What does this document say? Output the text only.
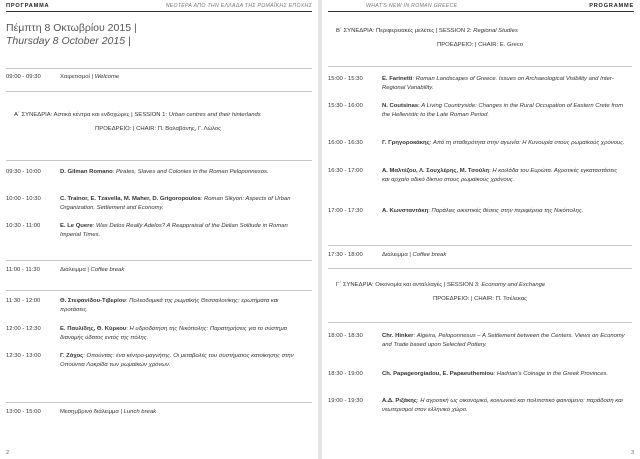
ΠΡΟΓΡΑΜΜΑ	ΝΕΟΤΕΡΑ ΑΠΟ ΤΗΝ ΕΛΛΑΔΑ ΤΗΣ ΡΩΜΑΪΚΗΣ ΕΠΟΧΗΣ
Πέμπτη 8 Οκτωβρίου 2015 |
Thursday 8 October 2015 |
09:00 - 09:30	Χαιρετισμοί | Welcome
Α΄ ΣΥΝΕΔΡΙΑ: Αστικά κέντρα και ενδοχώρες | SESSION 1: Urban centres and their hinterlands
ΠΡΟΕΔΡΕΙΟ: | CHAIR: Π. Βαλαβάνης, Γ. Λώλος
09:30 - 10:00	D. Gilman Romano: Pirates, Slaves and Colonies in the Roman Peloponnesos.
10:00 - 10:30	C. Trainor, E. Tzavella, M. Maher, D. Grigoropoulos: Roman Sikyon: Aspects of Urban Organization, Settlement and Economy.
10:30 - 11:00	E. Le Quere: Was Delos Really Adelos? A Reappraisal of the Delian Solitude in Roman Imperial Times.
11:00 - 11:30	Διάλειμμα | Coffee break
11:30 - 12:00	Θ. Στεφανίδου-Τιβερίου: Πολεοδομικά της ρωμαϊκής Θεσσαλονίκης: ερωτήματα και προτάσεις.
12:00 - 12:30	Ε. Παυλίδης, Θ. Κύρκου: Η υδροδότηση της Νικόπολης: Παρατηρήσεις για το σύστημα διανομής ύδατος εντός της πόλης.
12:30 - 13:00	Γ. Ζάχος: Οπούντας: ένα κέντρο-μαγνήτης. Οι μεταβολές του συστήματος κατοίκησης στην Οπούντια Λοκρίδα των ρωμαϊκών χρόνων.
13:00 - 15:00	Μεσημβρινό διάλειμμα | Lunch break
2
WHAT'S NEW IN ROMAN GREECE	PROGRAMME
Β΄ ΣΥΝΕΔΡΙΑ: Περιφερειακές μελέτες | SESSION 2: Regional Studies
ΠΡΟΕΔΡΕΙΟ: | CHAIR: E. Greco
15:00 - 15:30	E. Farinetti: Roman Landscapes of Greece. Issues on Archaeological Visibility and Inter-Regional Variability.
15:30 - 16:00	N. Coutsinas: A Living Countryside: Changes in the Rural Occupation of Eastern Crete from the Hellenistic to the Late Roman Period.
16:00 - 16:30	Γ. Γρηγοροκάκης: Από τη σταθερότητα στην αγωνία: Η Κυνουρία στους ρωμαϊκούς χρόνους.
16:30 - 17:00	Α. Μαλτέζου, Λ. Σουχλέρης, Μ. Τσούλη: Η κοιλάδα του Ευρώτα. Αγροτικές εγκαταστάσεις και αρχαίο οδικό δίκτυο στους ρωμαϊκούς χρόνους.
17:00 - 17:30	Α. Κωνσταντάκη: Παράλιες οικιστικές θέσεις στην περιφέρεια της Νικόπολης.
17:30 - 18:00	Διάλειμμα | Coffee break
Γ΄ ΣΥΝΕΔΡΙΑ: Οικονομία και ανταλλαγές | SESSION 3: Economy and Exchange
ΠΡΟΕΔΡΕΙΟ: | CHAIR: Π. Τσέλεκας
18:00 - 18:30	Chr. Hinker: Aigeira, Peloponnesus – A Settlement between the Centers. Views on Economy and Trade based upon Selected Pottery.
18:30 - 19:00	Ch. Papageorgiadou, E. Papaeuthemiou: Hadrian's Coinage in the Greek Provinces.
19:00 - 19:30	Α.Δ. Ριζάκης: Η αγροτική ως οικονομικό, κοινωνικό και πολιτιστικό φαινόμενο: παράδοση και νεωτερισμοί στον ελληνικό χώρο.
3
